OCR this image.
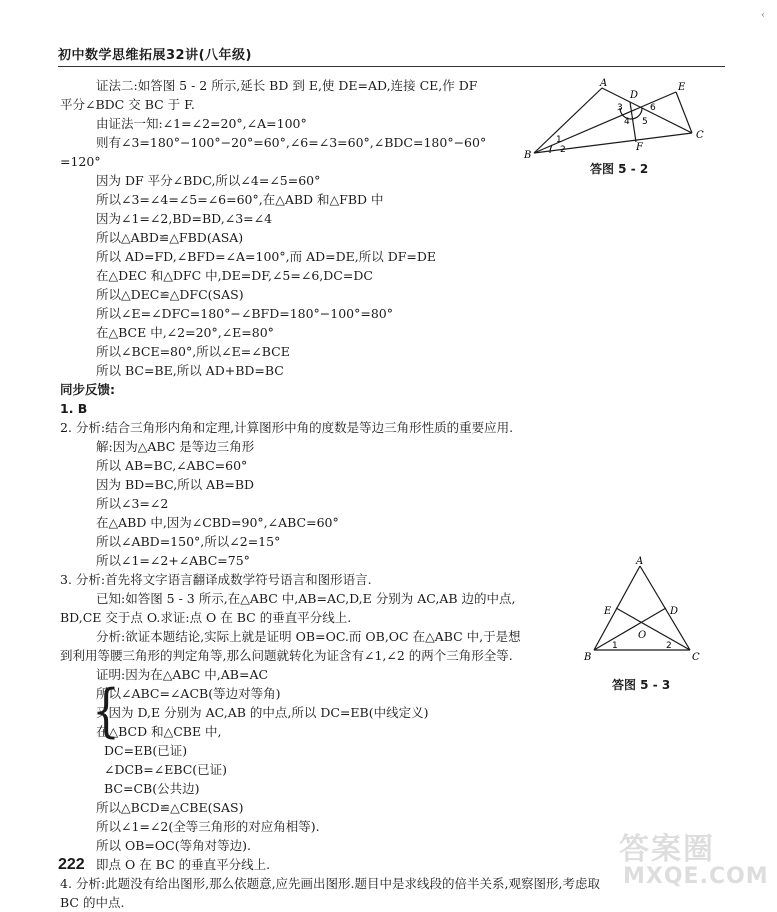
‹
初中数学思维拓展32讲(八年级)
证法二:如答图 5 - 2 所示,延长 BD 到 E,使 DE=AD,连接 CE,作 DF
平分∠BDC 交 BC 于 F.
由证法一知:∠1=∠2=20°,∠A=100°
则有∠3=180°−100°−20°=60°,∠6=∠3=60°,∠BDC=180°−60°
=120°
因为 DF 平分∠BDC,所以∠4=∠5=60°
所以∠3=∠4=∠5=∠6=60°,在△ABD 和△FBD 中
因为∠1=∠2,BD=BD,∠3=∠4
所以△ABD≌△FBD(ASA)
所以 AD=FD,∠BFD=∠A=100°,而 AD=DE,所以 DF=DE
在△DEC 和△DFC 中,DE=DF,∠5=∠6,DC=DC
所以△DEC≌△DFC(SAS)
所以∠E=∠DFC=180°−∠BFD=180°−100°=80°
在△BCE 中,∠2=20°,∠E=80°
所以∠BCE=80°,所以∠E=∠BCE
所以 BC=BE,所以 AD+BD=BC
同步反馈:
1. B
2. 分析:结合三角形内角和定理,计算图形中角的度数是等边三角形性质的重要应用.
解:因为△ABC 是等边三角形
所以 AB=BC,∠ABC=60°
因为 BD=BC,所以 AB=BD
所以∠3=∠2
在△ABD 中,因为∠CBD=90°,∠ABC=60°
所以∠ABD=150°,所以∠2=15°
所以∠1=∠2+∠ABC=75°
3. 分析:首先将文字语言翻译成数学符号语言和图形语言.
已知:如答图 5 - 3 所示,在△ABC 中,AB=AC,D,E 分别为 AC,AB 边的中点,
BD,CE 交于点 O.求证:点 O 在 BC 的垂直平分线上.
分析:欲证本题结论,实际上就是证明 OB=OC.而 OB,OC 在△ABC 中,于是想
到利用等腰三角形的判定角等,那么问题就转化为证含有∠1,∠2 的两个三角形全等.
证明:因为在△ABC 中,AB=AC
所以∠ABC=∠ACB(等边对等角)
又因为 D,E 分别为 AC,AB 的中点,所以 DC=EB(中线定义)
在△BCD 和△CBE 中,
DC=EB(已证)
∠DCB=∠EBC(已证)
BC=CB(公共边)
所以△BCD≌△CBE(SAS)
所以∠1=∠2(全等三角形的对应角相等).
所以 OB=OC(等角对等边).
即点 O 在 BC 的垂直平分线上.
4. 分析:此题没有给出图形,那么依题意,应先画出图形.题目中是求线段的倍半关系,观察图形,考虑取
BC 的中点.
{
A
B
C
D
E
F
1
2
3
4 5
6
答图 5 - 2
A
B	C
D
E
O
1	2
答图 5 - 3
222	答案圈
MXQE.COM
